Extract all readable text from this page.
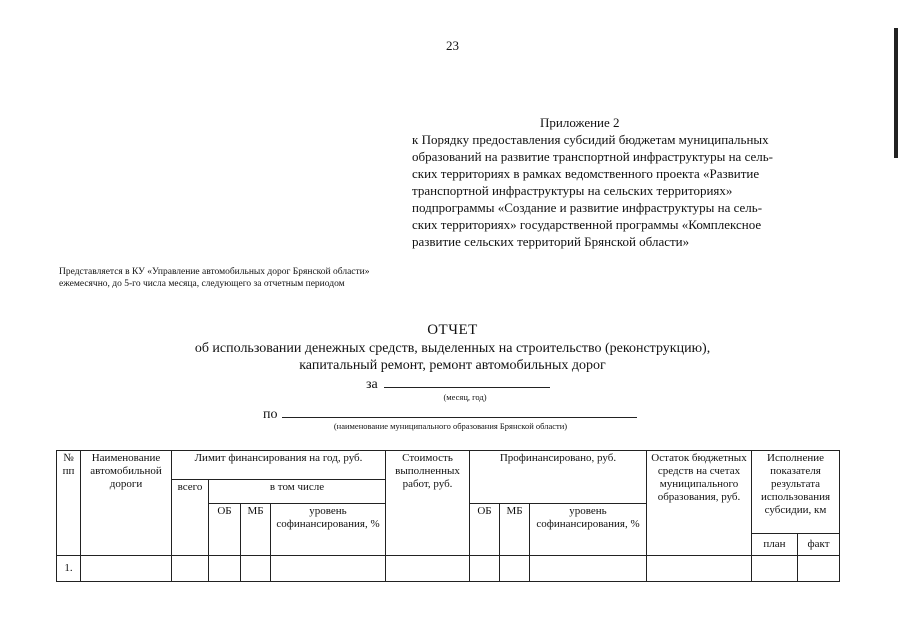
23
Приложение 2
к Порядку предоставления субсидий бюджетам муниципальных
образований на развитие транспортной инфраструктуры на сель-
ских территориях в рамках ведомственного проекта «Развитие
транспортной инфраструктуры на сельских территориях»
подпрограммы «Создание и развитие инфраструктуры на сель-
ских территориях» государственной программы «Комплексное
развитие сельских территорий Брянской области»
Представляется в КУ «Управление автомобильных дорог Брянской области»
ежемесячно, до 5-го числа месяца, следующего за отчетным периодом
ОТЧЕТ
об использовании денежных средств, выделенных на строительство (реконструкцию),
капитальный ремонт, ремонт автомобильных дорог
за
(месяц, год)
по
(наименование муниципального образования Брянской области)
№ пп	Наименование автомобильной дороги	Лимит финансирования на год, руб.				Стоимость выполненных работ, руб.	Профинансировано, руб.			Остаток бюджетных средств на счетах муниципального образования, руб.	Исполнение показателя результата использования субсидии, км	
		всего	в том числе									
			ОБ	МБ	уровень софинансирования, %		ОБ	МБ	уровень софинансирования, %			
											план	факт
1.												
